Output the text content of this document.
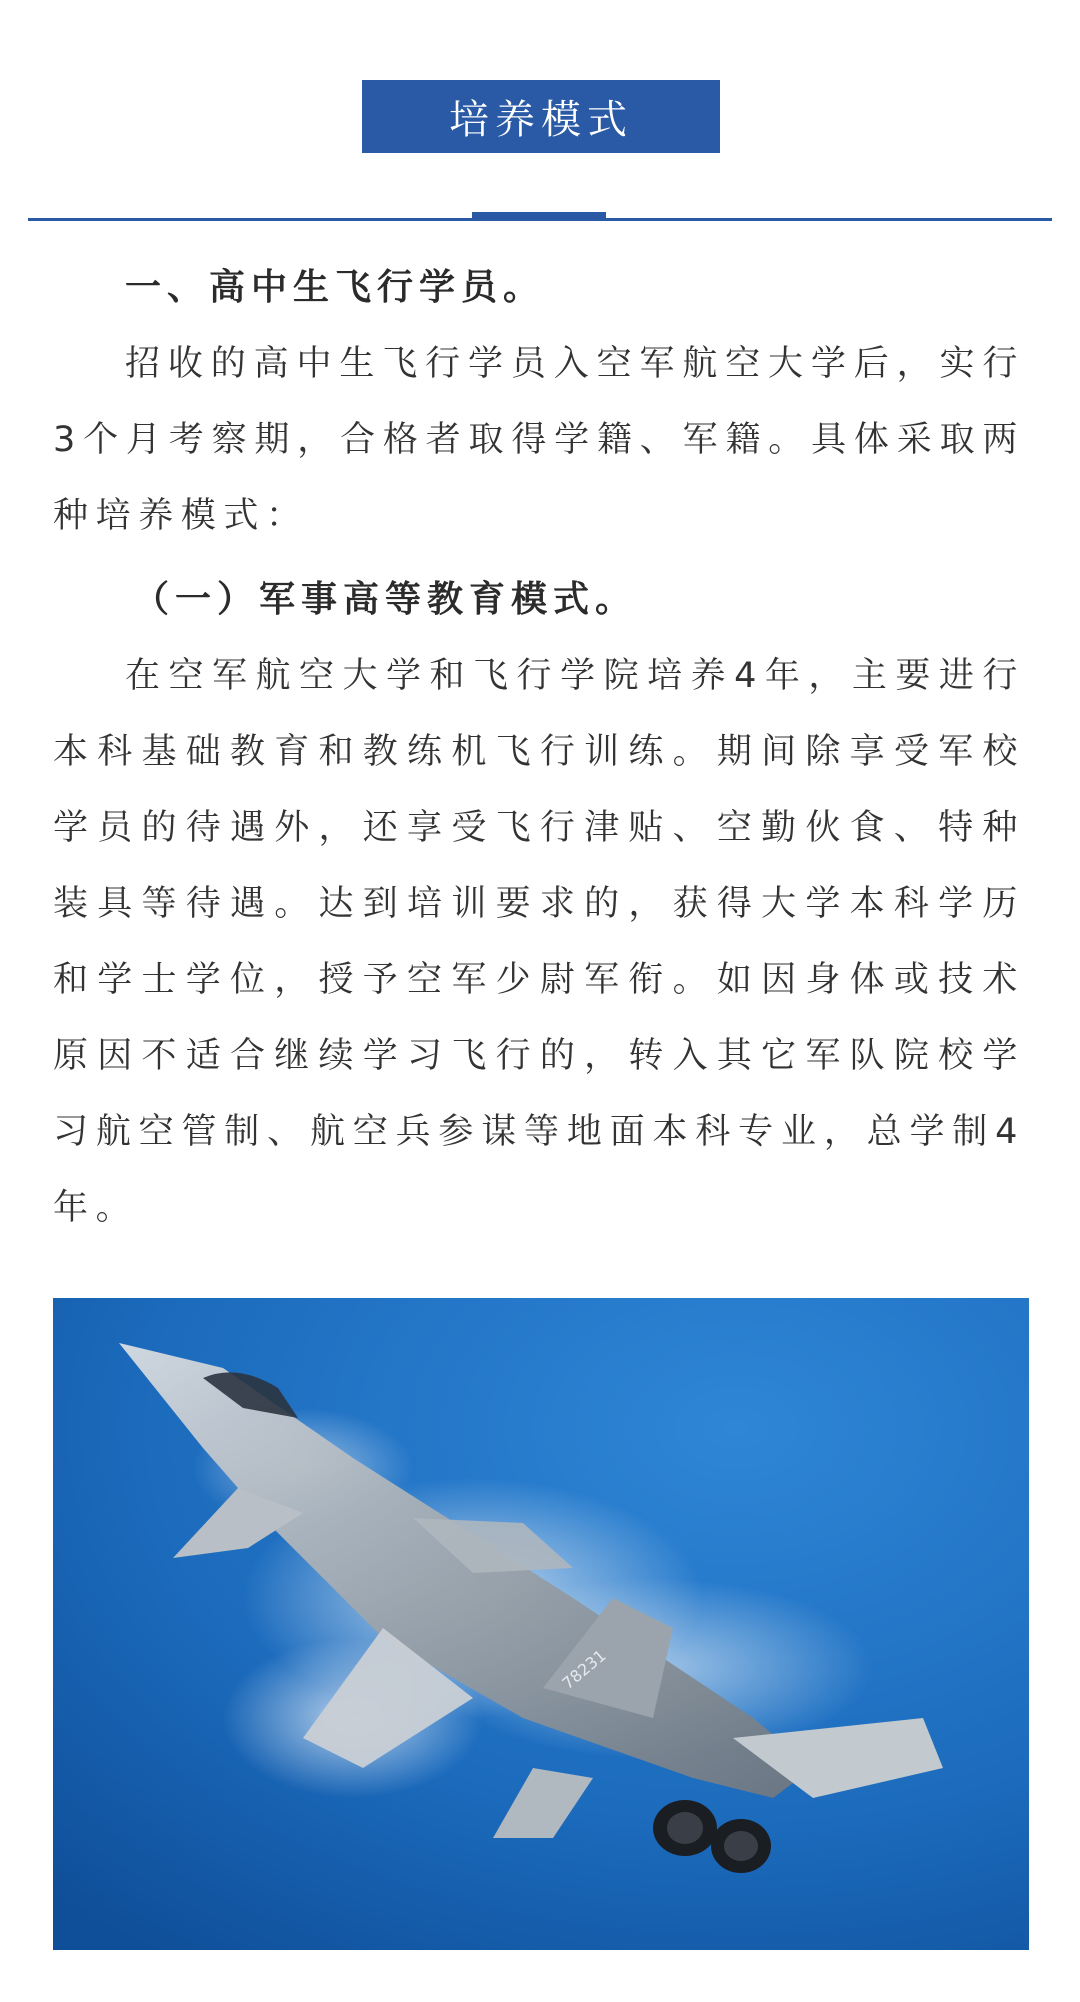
培养模式

一、高中生飞行学员。

招收的高中生飞行学员入空军航空大学后，实行3个月考察期，合格者取得学籍、军籍。具体采取两种培养模式：

（一）军事高等教育模式。

在空军航空大学和飞行学院培养4年，主要进行本科基础教育和教练机飞行训练。期间除享受军校学员的待遇外，还享受飞行津贴、空勤伙食、特种装具等待遇。达到培训要求的，获得大学本科学历和学士学位，授予空军少尉军衔。如因身体或技术原因不适合继续学习飞行的，转入其它军队院校学习航空管制、航空兵参谋等地面本科专业，总学制4年。

78231
